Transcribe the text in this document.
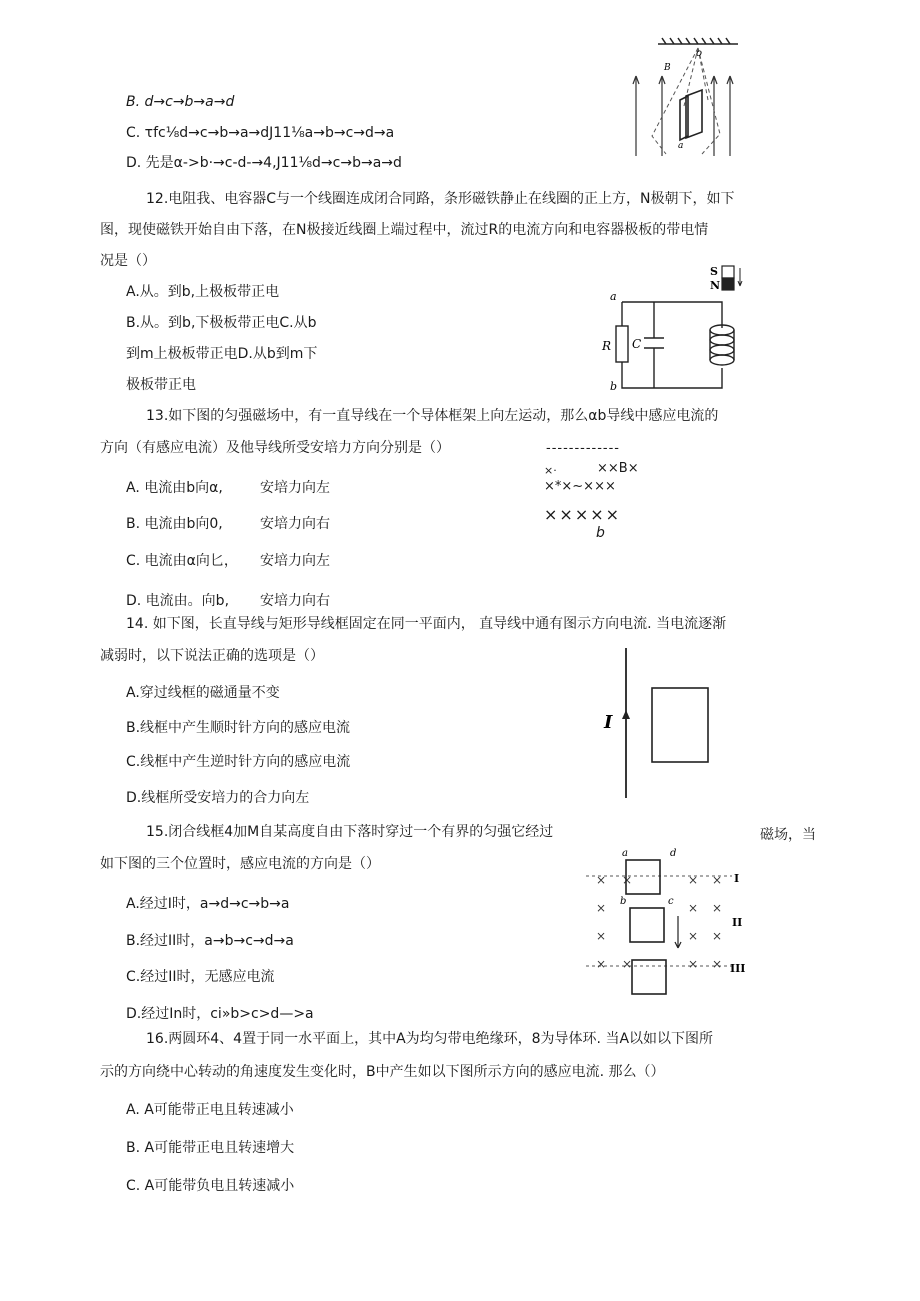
B. d→c→b→a→d
C. τfc⅛d→c→b→a→dJ11⅛a→b→c→d→a
D. 先是α->b·→c-d-→4,J11⅛d→c→b→a→d
o
B
a
12.电阻我、电容器C与一个线圈连成闭合同路，条形磁铁静止在线圈的正上方，N极朝下，如下
图，现使磁铁开始自由下落，在N极接近线圈上端过程中，流过R的电流方向和电容器极板的带电情
况是（）
A.从。到b,上极板带正电
B.从。到b,下极板带正电C.从b
到m上极板带正电D.从b到m下
极板带正电
S
N
a
b
R C
13.如下图的匀强磁场中，有一直导线在一个导体框架上向左运动，那么αb导线中感应电流的
方向（有感应电流）及他导线所受安培力方向分别是（）
A. 电流由b向α,	安培力向左
B. 电流由b向0,	安培力向右
C. 电流由α向匕， 安培力向左
D. 电流由。向b, 安培力向右
-------------
×·	××B×
×*×~×××
×××××
b
14. 如下图，长直导线与矩形导线框固定在同一平面内， 直导线中通有图示方向电流. 当电流逐渐
减弱时，以下说法正确的选项是（）
A.穿过线框的磁通量不变
B.线框中产生顺时针方向的感应电流
C.线框中产生逆时针方向的感应电流
D.线框所受安培力的合力向左
I
15.闭合线框4加M自某高度自由下落时穿过一个有界的匀强它经过	磁场，当
如下图的三个位置时，感应电流的方向是（）
A.经过I时，a→d→c→b→a
B.经过II时，a→b→c→d→a
C.经过II时，无感应电流
D.经过In时，ci»b>c>d—>a
× ×	× ×
×	× ×
×	× ×
× ×	× ×
a	d
b	c
I
II
III
16.两圆环4、4置于同一水平面上，其中A为均匀带电绝缘环，8为导体环. 当A以如以下图所
示的方向绕中心转动的角速度发生变化时，B中产生如以下图所示方向的感应电流. 那么（）
A. A可能带正电且转速减小
B. A可能带正电且转速增大
C. A可能带负电且转速减小
